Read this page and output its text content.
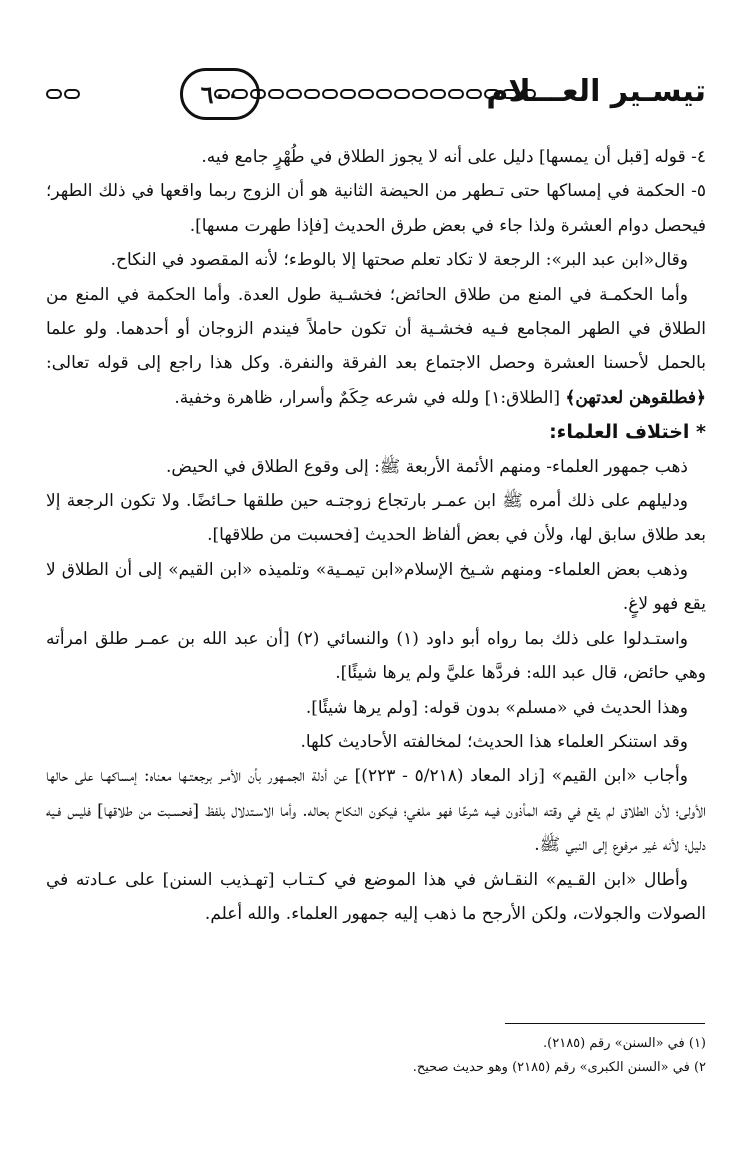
٦٠٠	تيسـير العـــلام

٤- قوله [قبل أن يمسها] دليل على أنه لا يجوز الطلاق في طُهْرٍ جامع فيه.

٥- الحكمة في إمساكها حتى تـطهر من الحيضة الثانية هو أن الزوج ربما واقعها في ذلك الطهر؛ فيحصل دوام العشرة ولذا جاء في بعض طرق الحديث [فإذا طهرت مسها].

وقال«ابن عبد البر»: الرجعة لا تكاد تعلم صحتها إلا بالوطء؛ لأنه المقصود في النكاح.

وأما الحكمـة في المنع من طلاق الحائض؛ فخشـية طول العدة. وأما الحكمة في المنع من الطلاق في الطهر المجامع فـيه فخشـية أن تكون حاملاً فيندم الزوجان أو أحدهما. ولو علما بالحمل لأحسنا العشرة وحصل الاجتماع بعد الفرقة والنفرة. وكل هذا راجع إلى قوله تعالى: ﴿فطلقوهن لعدتهن﴾ [الطلاق:١] ولله في شرعه حِكَمٌ وأسرار، ظاهرة وخفية.

* اختلاف العلماء:

ذهب جمهور العلماء- ومنهم الأئمة الأربعة ﷺ: إلى وقوع الطلاق في الحيض.

ودليلهم على ذلك أمره ﷺ ابن عمـر بارتجاع زوجتـه حين طلقها حـائضًا. ولا تكون الرجعة إلا بعد طلاق سابق لها، ولأن في بعض ألفاظ الحديث [فحسبت من طلاقها].

وذهب بعض العلماء- ومنهم شـيخ الإسلام«ابن تيمـية» وتلميذه «ابن القيم» إلى أن الطلاق لا يقع فهو لاغٍ.

واستـدلوا على ذلك بما رواه أبو داود (١) والنسائي (٢) [أن عبد الله بن عمـر طلق امرأته وهي حائض، قال عبد الله: فردَّها عليَّ ولم يرها شيئًا].

وهذا الحديث في «مسلم» بدون قوله: [ولم يرها شيئًا].

وقد استنكر العلماء هذا الحديث؛ لمخالفته الأحاديث كلها.

وأجاب «ابن القيم» [زاد المعاد (٥/٢١٨ - ٢٢٣)] عن أدلة الجمـهور بأن الأمـر برجعتـها معناه: إمساكهـا على حالها الأولى؛ لأن الطلاق لم يقع في وقته المأذون فيـه شرعًا فهو ملغي؛ فيكون النكاح بحاله. وأما الاسـتدلال بلفظ [فحسـبت من طلاقها] فليس فـيه دليل؛ لأنه غير مرفوع إلى النبي ﷺ.

وأطال «ابن القـيم» النقـاش في هذا الموضع في كـتـاب [تهـذيب السنن] على عـادته في الصولات والجولات، ولكن الأرجح ما ذهب إليه جمهور العلماء. والله أعلم.

(١) في «السنن» رقم (٢١٨٥).

٢) في «السنن الكبرى» رقم (٢١٨٥) وهو حديث صحيح.
